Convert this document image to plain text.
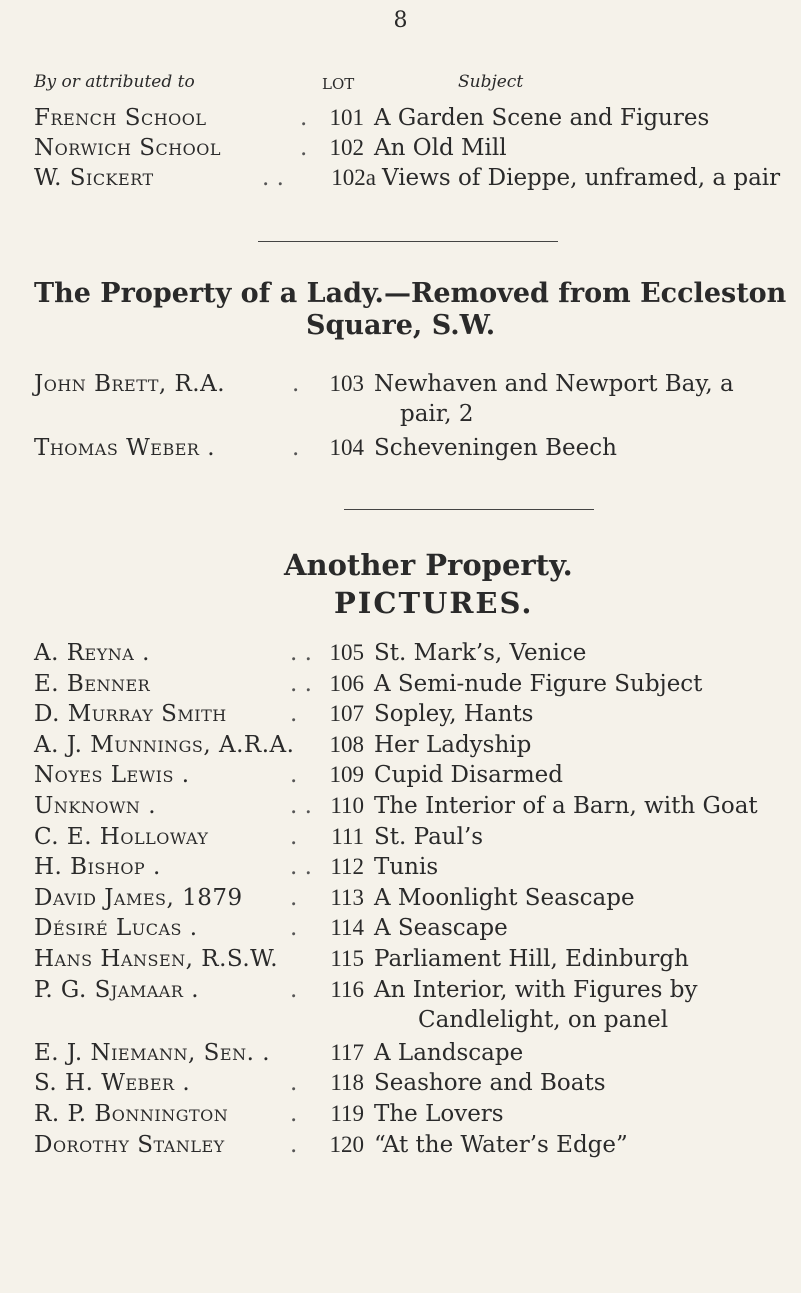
8
By or attributed to	LOT	Subject
French School	. 101 A Garden Scene and Figures
Norwich School	. 102 An Old Mill
W. Sickert	. .	102a Views of Dieppe, unframed, a pair
The Property of a Lady.—Removed from Eccleston
Square, S.W.
John Brett, R.A.	.	103 Newhaven and Newport Bay, a
pair, 2
Thomas Weber .	.	104 Scheveningen Beech
Another Property.
PICTURES.
A. Reyna .	. . 105 St. Mark’s, Venice
E. Benner	. . 106 A Semi-nude Figure Subject
D. Murray Smith	.	107 Sopley, Hants
A. J. Munnings, A.R.A.	108 Her Ladyship
Noyes Lewis .	.	109 Cupid Disarmed
Unknown .	. . 110 The Interior of a Barn, with Goat
C. E. Holloway	.	111 St. Paul’s
H. Bishop .	. . 112 Tunis
David James, 1879 .	113 A Moonlight Seascape
Désiré Lucas .	.	114 A Seascape
Hans Hansen, R.S.W.	115 Parliament Hill, Edinburgh
P. G. Sjamaar .	.	116 An Interior, with Figures by
Candlelight, on panel
E. J. Niemann, Sen. .	117 A Landscape
S. H. Weber .	.	118 Seashore and Boats
R. P. Bonnington	.	119 The Lovers
Dorothy Stanley	.	120 “At the Water’s Edge”
